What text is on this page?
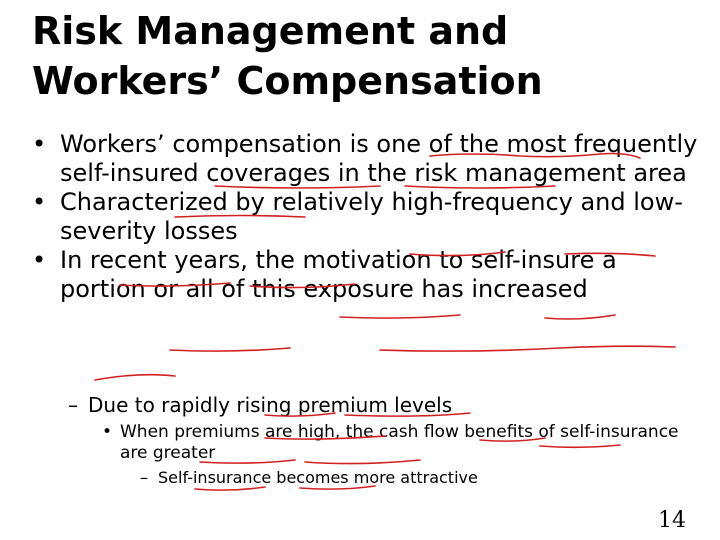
Risk Management and
Workers’ Compensation
• Workers’ compensation is one of the most frequently self-insured coverages in the risk management area
• Characterized by relatively high-frequency and low-severity losses
• In recent years, the motivation to self-insure a portion or all of this exposure has increased
– Due to rapidly rising premium levels
• When premiums are high, the cash flow benefits of self-insurance are greater
– Self-insurance becomes more attractive
14
